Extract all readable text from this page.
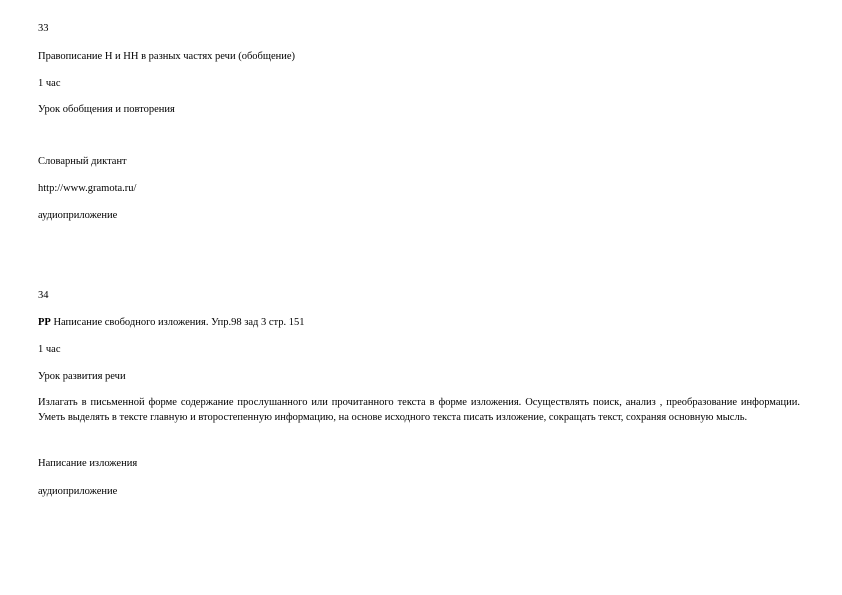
33
Правописание Н и НН в разных частях речи (обобщение)
1 час
Урок обобщения и повторения
Словарный диктант
http://www.gramota.ru/
аудиоприложение
34
РР Написание свободного изложения. Упр.98 зад 3 стр. 151
1 час
Урок развития речи
Излагать в письменной форме содержание прослушанного или прочитанного текста в форме изложения. Осуществлять поиск, анализ , преобразование информации. Уметь выделять в тексте главную и второстепенную информацию, на основе исходного текста писать изложение, сокращать текст, сохраняя основную мысль.
Написание изложения
аудиоприложение
